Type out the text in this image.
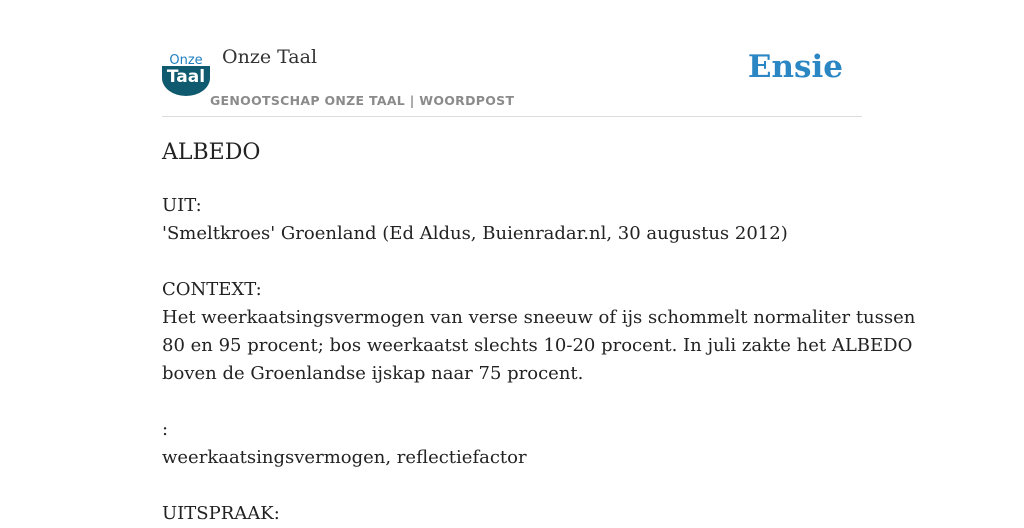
Onze
Taal
Onze Taal
GENOOTSCHAP ONZE TAAL | WOORDPOST
Ensie
ALBEDO
UIT:
'Smeltkroes' Groenland (Ed Aldus, Buienradar.nl, 30 augustus 2012)
CONTEXT:
Het weerkaatsingsvermogen van verse sneeuw of ijs schommelt normaliter tussen
80 en 95 procent; bos weerkaatst slechts 10-20 procent. In juli zakte het ALBEDO
boven de Groenlandse ijskap naar 75 procent.
:
weerkaatsingsvermogen, reflectiefactor
UITSPRAAK:
